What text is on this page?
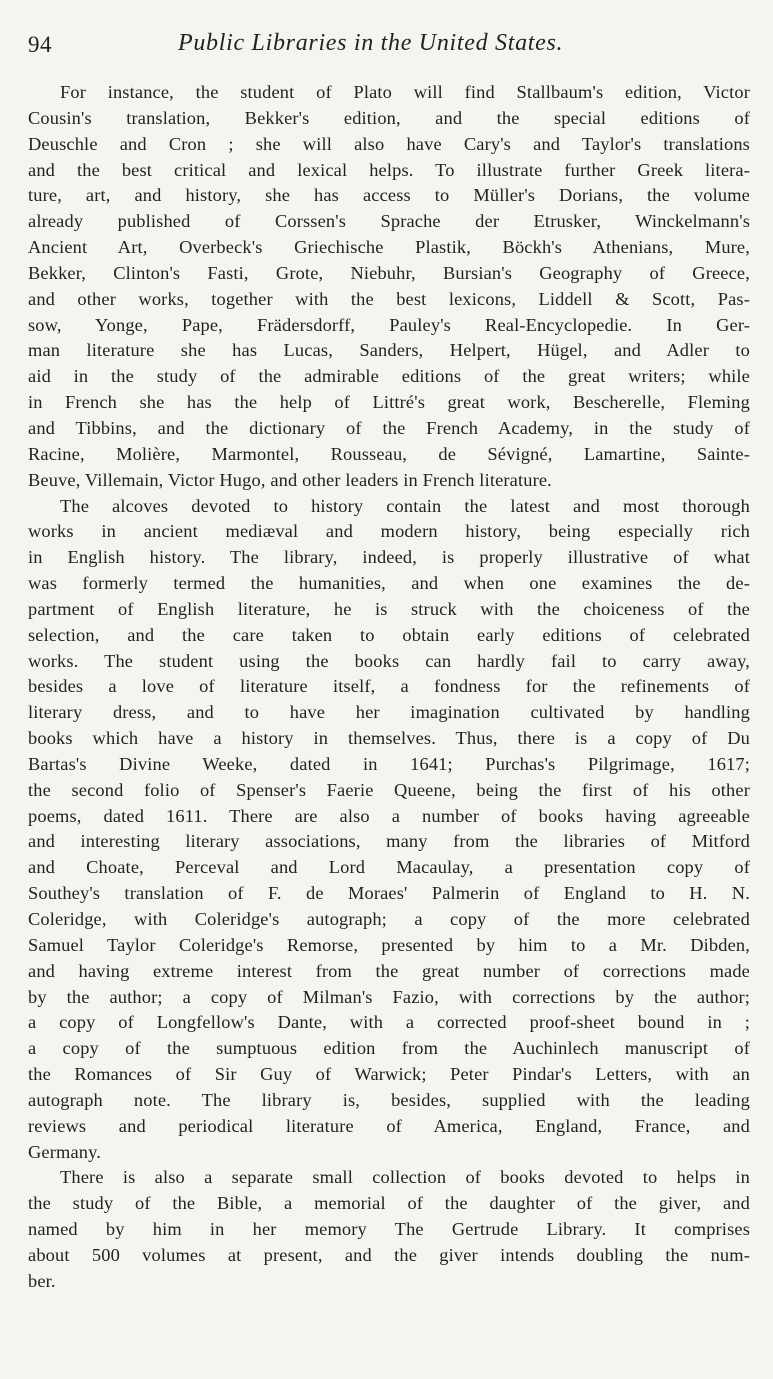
94	Public Libraries in the United States.

For instance, the student of Plato will find Stallbaum's edition, Victor
Cousin's translation, Bekker's edition, and the special editions of
Deuschle and Cron ; she will also have Cary's and Taylor's translations
and the best critical and lexical helps. To illustrate further Greek litera-
ture, art, and history, she has access to Müller's Dorians, the volume
already published of Corssen's Sprache der Etrusker, Winckelmann's
Ancient Art, Overbeck's Griechische Plastik, Böckh's Athenians, Mure,
Bekker, Clinton's Fasti, Grote, Niebuhr, Bursian's Geography of Greece,
and other works, together with the best lexicons, Liddell & Scott, Pas-
sow, Yonge, Pape, Frädersdorff, Pauley's Real-Encyclopedie. In Ger-
man literature she has Lucas, Sanders, Helpert, Hügel, and Adler to
aid in the study of the admirable editions of the great writers; while
in French she has the help of Littré's great work, Bescherelle, Fleming
and Tibbins, and the dictionary of the French Academy, in the study of
Racine, Molière, Marmontel, Rousseau, de Sévigné, Lamartine, Sainte-
Beuve, Villemain, Victor Hugo, and other leaders in French literature.

The alcoves devoted to history contain the latest and most thorough
works in ancient mediæval and modern history, being especially rich
in English history. The library, indeed, is properly illustrative of what
was formerly termed the humanities, and when one examines the de-
partment of English literature, he is struck with the choiceness of the
selection, and the care taken to obtain early editions of celebrated
works. The student using the books can hardly fail to carry away,
besides a love of literature itself, a fondness for the refinements of
literary dress, and to have her imagination cultivated by handling
books which have a history in themselves. Thus, there is a copy of Du
Bartas's Divine Weeke, dated in 1641; Purchas's Pilgrimage, 1617;
the second folio of Spenser's Faerie Queene, being the first of his other
poems, dated 1611. There are also a number of books having agreeable
and interesting literary associations, many from the libraries of Mitford
and Choate, Perceval and Lord Macaulay, a presentation copy of
Southey's translation of F. de Moraes' Palmerin of England to H. N.
Coleridge, with Coleridge's autograph; a copy of the more celebrated
Samuel Taylor Coleridge's Remorse, presented by him to a Mr. Dibden,
and having extreme interest from the great number of corrections made
by the author; a copy of Milman's Fazio, with corrections by the author;
a copy of Longfellow's Dante, with a corrected proof-sheet bound in ;
a copy of the sumptuous edition from the Auchinlech manuscript of
the Romances of Sir Guy of Warwick; Peter Pindar's Letters, with an
autograph note. The library is, besides, supplied with the leading
reviews and periodical literature of America, England, France, and
Germany.

There is also a separate small collection of books devoted to helps in
the study of the Bible, a memorial of the daughter of the giver, and
named by him in her memory The Gertrude Library. It comprises
about 500 volumes at present, and the giver intends doubling the num-
ber.
